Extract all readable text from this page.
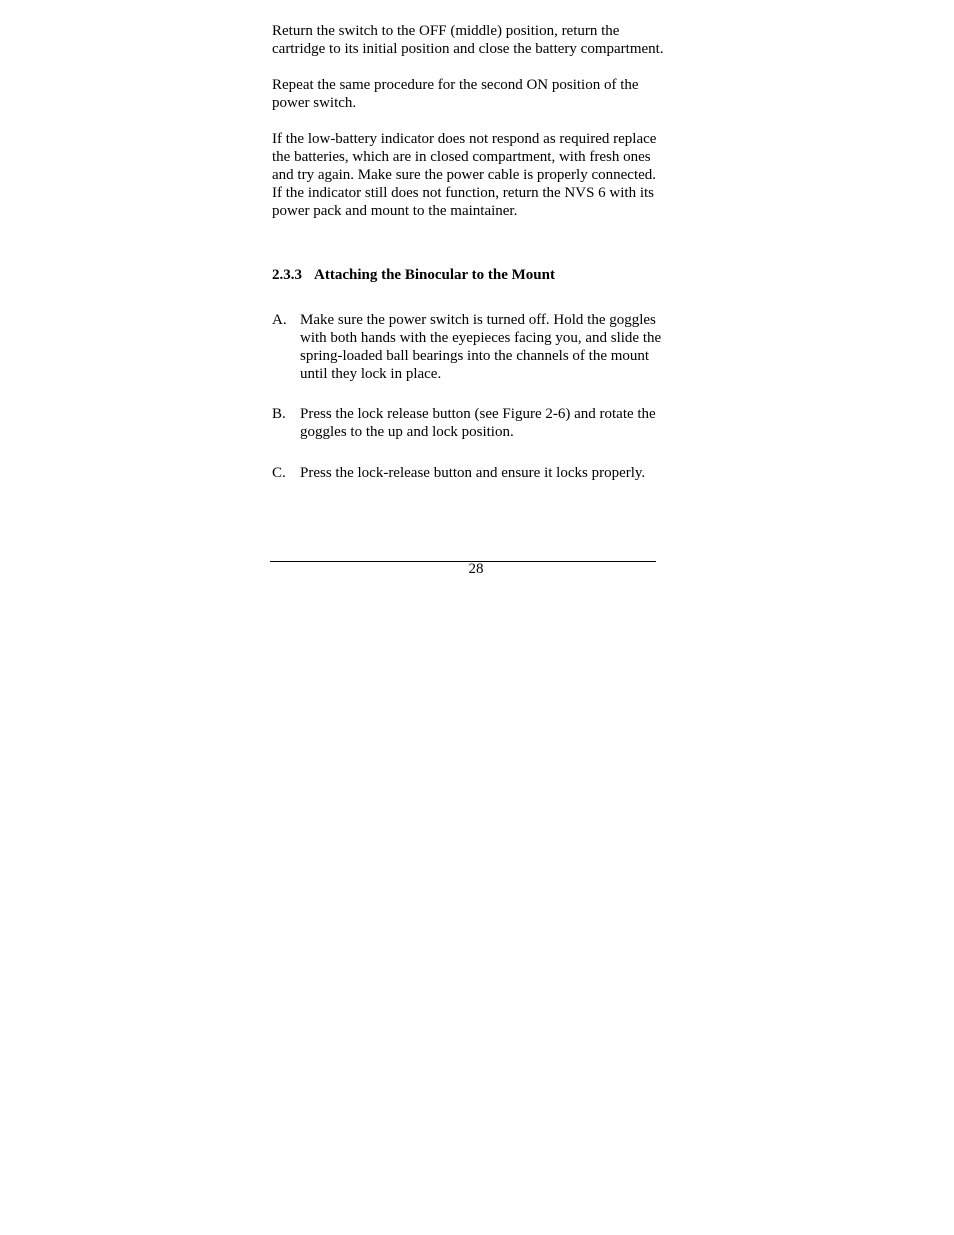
Return the switch to the OFF (middle) position, return the
cartridge to its initial position and close the battery compartment.

Repeat the same procedure for the second ON position of the
power switch.

If the low-battery indicator does not respond as required replace
the batteries, which are in closed compartment, with fresh ones
and try again. Make sure the power cable is properly connected.
If the indicator still does not function, return the NVS 6 with its
power pack and mount to the maintainer.

2.3.3 Attaching the Binocular to the Mount
A. Make sure the power switch is turned off. Hold the goggles
with both hands with the eyepieces facing you, and slide the
spring-loaded ball bearings into the channels of the mount
until they lock in place.
B. Press the lock release button (see Figure 2-6) and rotate the
goggles to the up and lock position.
C. Press the lock-release button and ensure it locks properly.
28
